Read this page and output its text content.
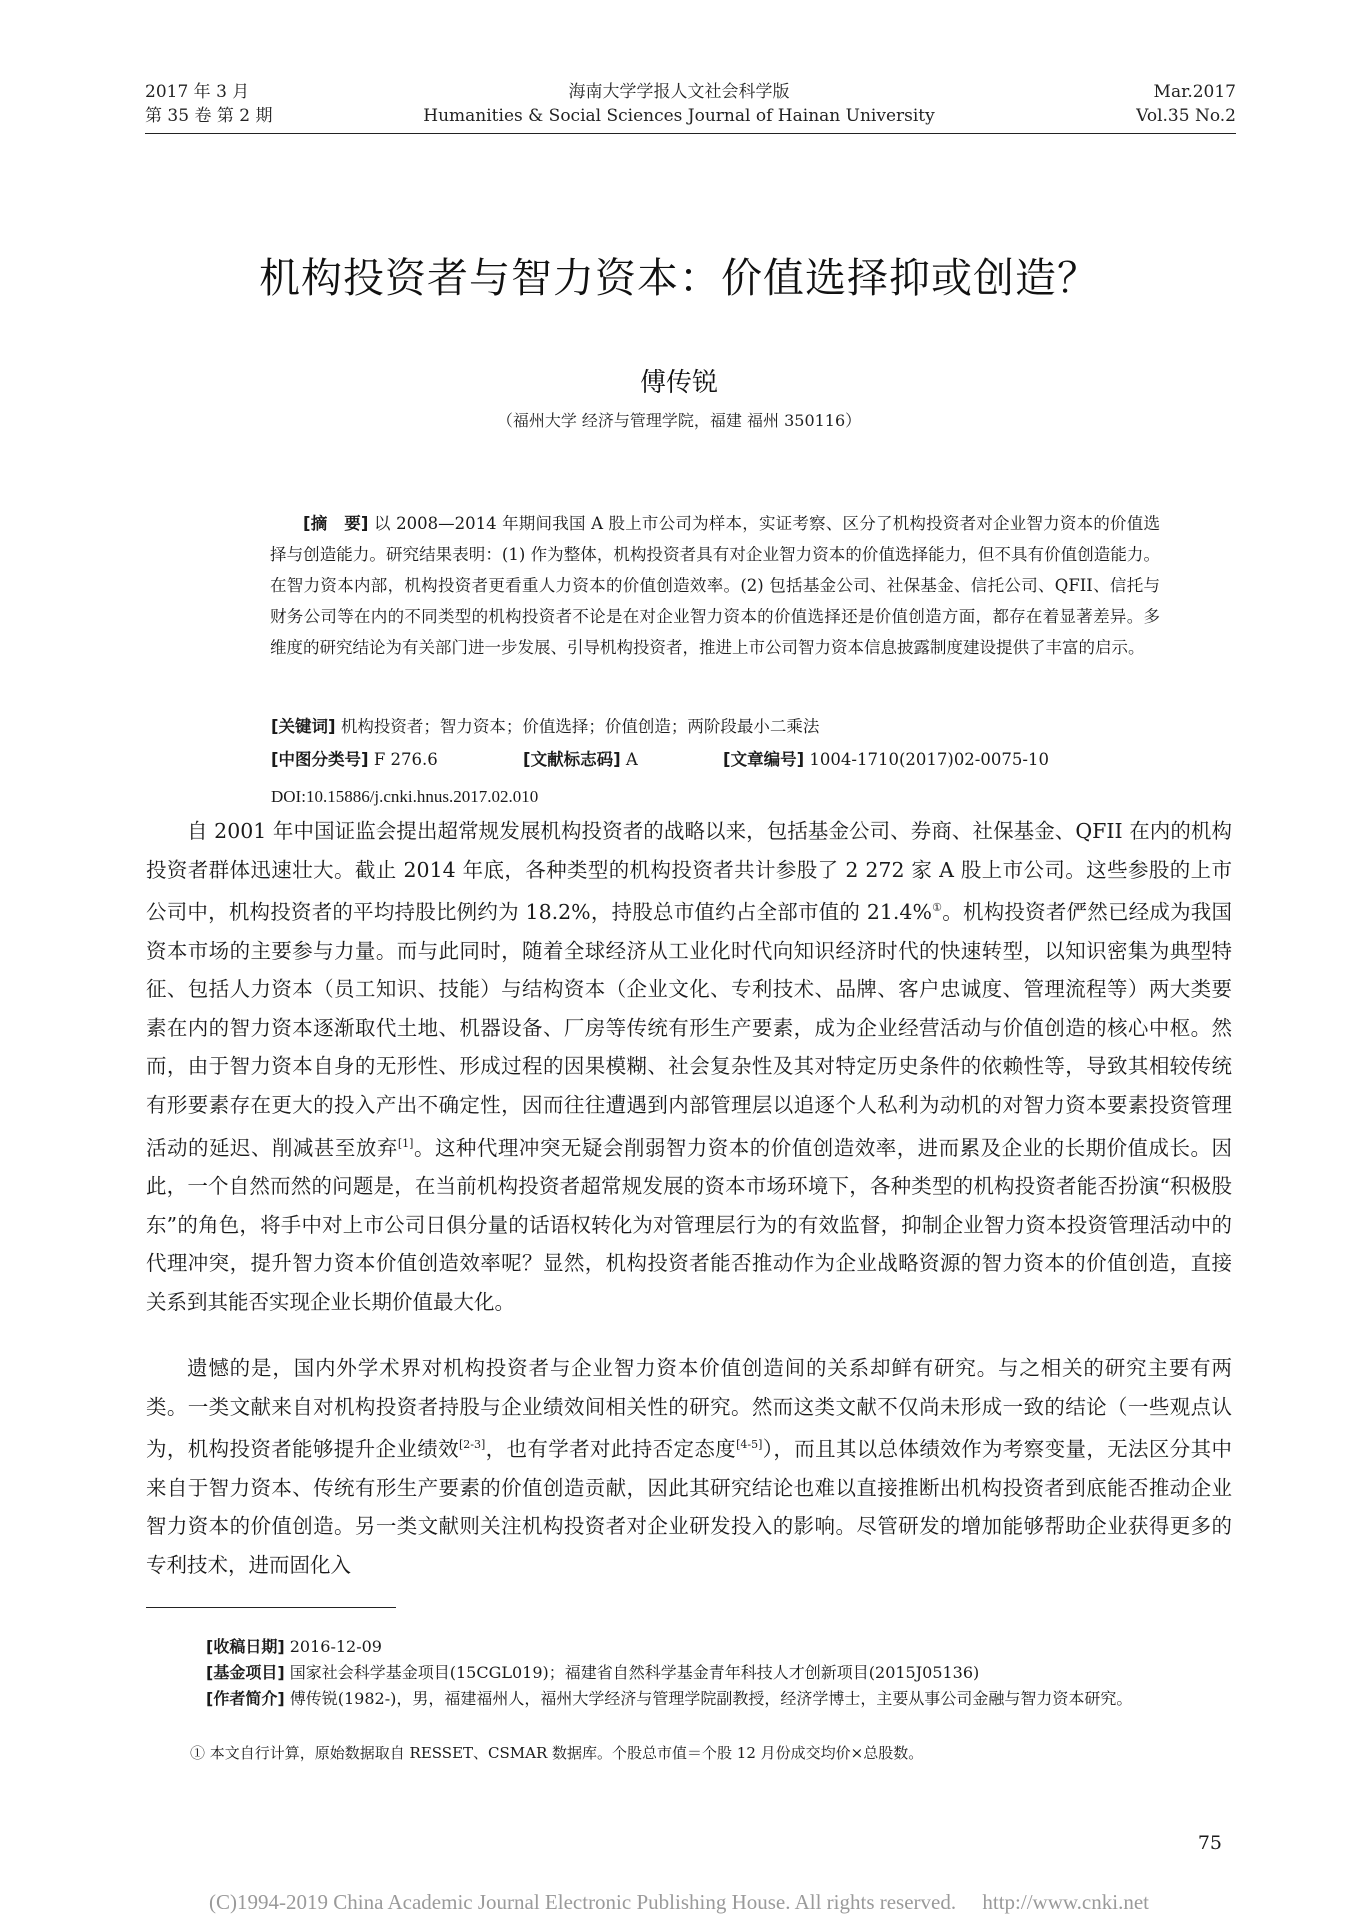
2017 年 3 月
第 35 卷 第 2 期
海南大学学报人文社会科学版
Humanities & Social Sciences Journal of Hainan University
Mar.2017
Vol.35 No.2
机构投资者与智力资本：价值选择抑或创造？
傅传锐
（福州大学 经济与管理学院，福建 福州 350116）

[摘　要] 以 2008—2014 年期间我国 A 股上市公司为样本，实证考察、区分了机构投资者对企业智力资本的价值选择与创造能力。研究结果表明：(1) 作为整体，机构投资者具有对企业智力资本的价值选择能力，但不具有价值创造能力。在智力资本内部，机构投资者更看重人力资本的价值创造效率。(2) 包括基金公司、社保基金、信托公司、QFII、信托与财务公司等在内的不同类型的机构投资者不论是在对企业智力资本的价值选择还是价值创造方面，都存在着显著差异。多维度的研究结论为有关部门进一步发展、引导机构投资者，推进上市公司智力资本信息披露制度建设提供了丰富的启示。

[关键词] 机构投资者；智力资本；价值选择；价值创造；两阶段最小二乘法
[中图分类号] F 276.6	[文献标志码] A	[文章编号] 1004-1710(2017)02-0075-10
DOI:10.15886/j.cnki.hnus.2017.02.010

自 2001 年中国证监会提出超常规发展机构投资者的战略以来，包括基金公司、券商、社保基金、QFII 在内的机构投资者群体迅速壮大。截止 2014 年底，各种类型的机构投资者共计参股了 2 272 家 A 股上市公司。这些参股的上市公司中，机构投资者的平均持股比例约为 18.2%，持股总市值约占全部市值的 21.4%①。机构投资者俨然已经成为我国资本市场的主要参与力量。而与此同时，随着全球经济从工业化时代向知识经济时代的快速转型，以知识密集为典型特征、包括人力资本（员工知识、技能）与结构资本（企业文化、专利技术、品牌、客户忠诚度、管理流程等）两大类要素在内的智力资本逐渐取代土地、机器设备、厂房等传统有形生产要素，成为企业经营活动与价值创造的核心中枢。然而，由于智力资本自身的无形性、形成过程的因果模糊、社会复杂性及其对特定历史条件的依赖性等，导致其相较传统有形要素存在更大的投入产出不确定性，因而往往遭遇到内部管理层以追逐个人私利为动机的对智力资本要素投资管理活动的延迟、削减甚至放弃[1]。这种代理冲突无疑会削弱智力资本的价值创造效率，进而累及企业的长期价值成长。因此，一个自然而然的问题是，在当前机构投资者超常规发展的资本市场环境下，各种类型的机构投资者能否扮演“积极股东”的角色，将手中对上市公司日俱分量的话语权转化为对管理层行为的有效监督，抑制企业智力资本投资管理活动中的代理冲突，提升智力资本价值创造效率呢？显然，机构投资者能否推动作为企业战略资源的智力资本的价值创造，直接关系到其能否实现企业长期价值最大化。

遗憾的是，国内外学术界对机构投资者与企业智力资本价值创造间的关系却鲜有研究。与之相关的研究主要有两类。一类文献来自对机构投资者持股与企业绩效间相关性的研究。然而这类文献不仅尚未形成一致的结论（一些观点认为，机构投资者能够提升企业绩效[2-3]，也有学者对此持否定态度[4-5]），而且其以总体绩效作为考察变量，无法区分其中来自于智力资本、传统有形生产要素的价值创造贡献，因此其研究结论也难以直接推断出机构投资者到底能否推动企业智力资本的价值创造。另一类文献则关注机构投资者对企业研发投入的影响。尽管研发的增加能够帮助企业获得更多的专利技术，进而固化入

[收稿日期] 2016-12-09
[基金项目] 国家社会科学基金项目(15CGL019)；福建省自然科学基金青年科技人才创新项目(2015J05136)
[作者简介] 傅传锐(1982-)，男，福建福州人，福州大学经济与管理学院副教授，经济学博士，主要从事公司金融与智力资本研究。
① 本文自行计算，原始数据取自 RESSET、CSMAR 数据库。个股总市值＝个股 12 月份成交均价×总股数。
75
(C)1994-2019 China Academic Journal Electronic Publishing House. All rights reserved.　 http://www.cnki.net
